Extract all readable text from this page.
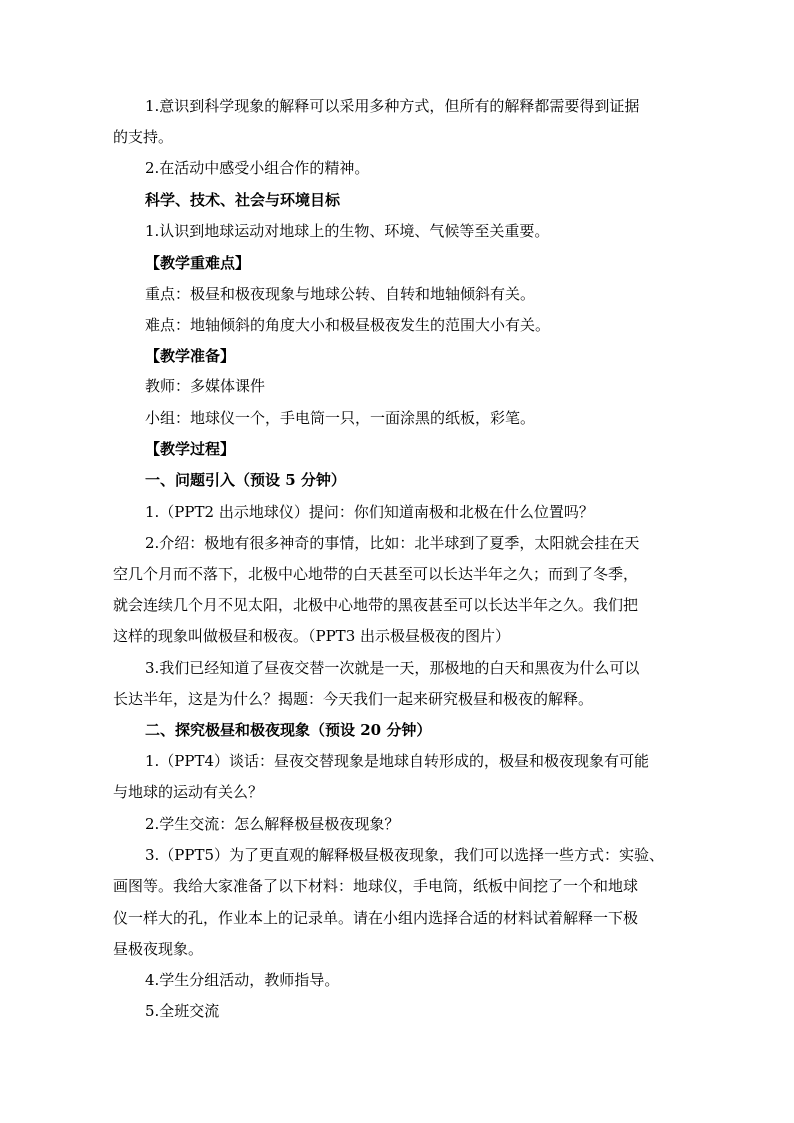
1.意识到科学现象的解释可以采用多种方式，但所有的解释都需要得到证据
的支持。
2.在活动中感受小组合作的精神。
科学、技术、社会与环境目标
1.认识到地球运动对地球上的生物、环境、气候等至关重要。
【教学重难点】
重点：极昼和极夜现象与地球公转、自转和地轴倾斜有关。
难点：地轴倾斜的角度大小和极昼极夜发生的范围大小有关。
【教学准备】
教师：多媒体课件
小组：地球仪一个，手电筒一只，一面涂黑的纸板，彩笔。
【教学过程】
一、问题引入（预设 5 分钟）
1.（PPT2 出示地球仪）提问：你们知道南极和北极在什么位置吗？
2.介绍：极地有很多神奇的事情，比如：北半球到了夏季，太阳就会挂在天
空几个月而不落下，北极中心地带的白天甚至可以长达半年之久；而到了冬季，
就会连续几个月不见太阳，北极中心地带的黑夜甚至可以长达半年之久。我们把
这样的现象叫做极昼和极夜。（PPT3 出示极昼极夜的图片）
3.我们已经知道了昼夜交替一次就是一天，那极地的白天和黑夜为什么可以
长达半年，这是为什么？揭题：今天我们一起来研究极昼和极夜的解释。
二、探究极昼和极夜现象（预设 20 分钟）
1.（PPT4）谈话：昼夜交替现象是地球自转形成的，极昼和极夜现象有可能
与地球的运动有关么？
2.学生交流：怎么解释极昼极夜现象？
3.（PPT5）为了更直观的解释极昼极夜现象，我们可以选择一些方式：实验、
画图等。我给大家准备了以下材料：地球仪，手电筒，纸板中间挖了一个和地球
仪一样大的孔，作业本上的记录单。请在小组内选择合适的材料试着解释一下极
昼极夜现象。
4.学生分组活动，教师指导。
5.全班交流
